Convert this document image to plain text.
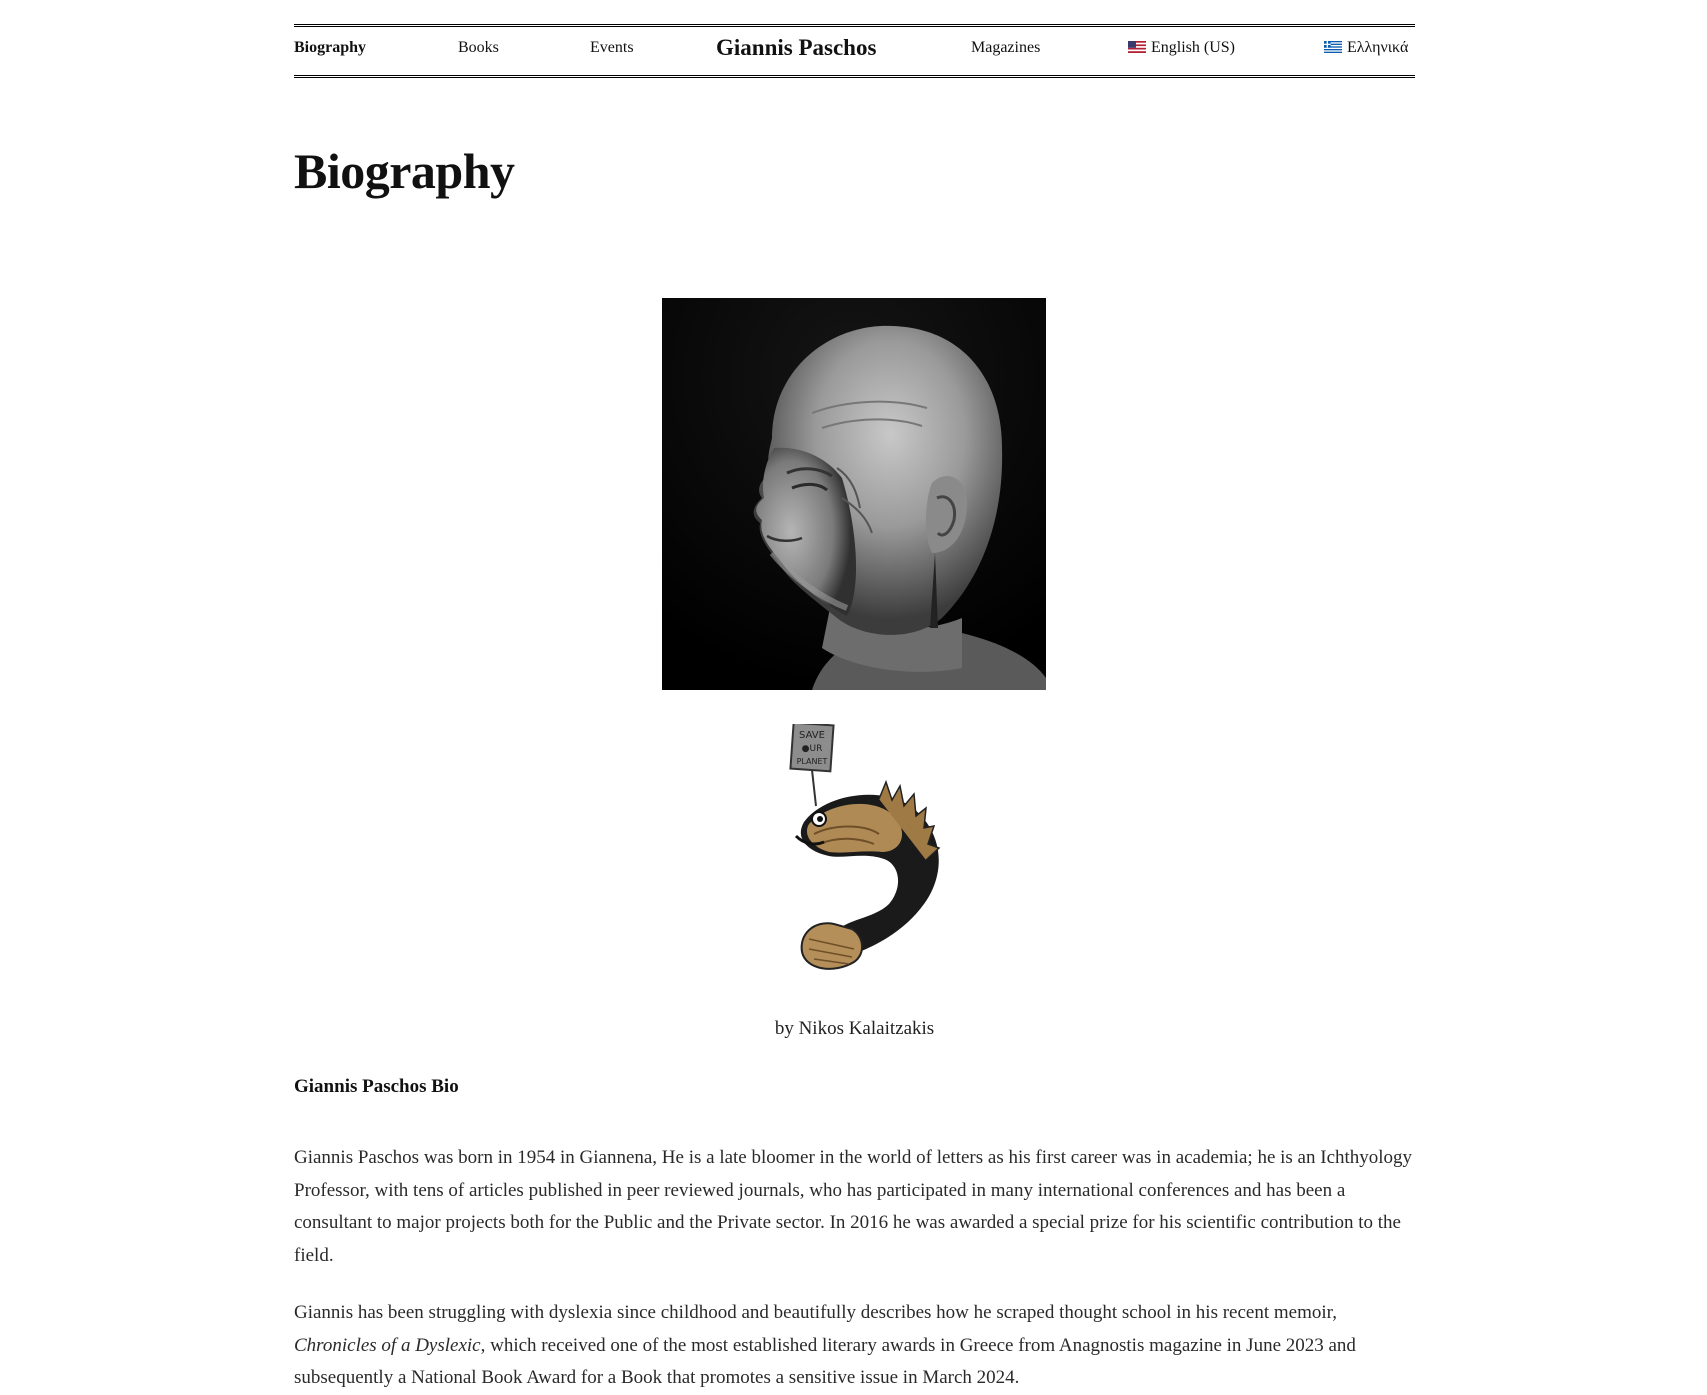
Biography	Books	Events	Giannis Paschos	Magazines	English (US)	Ελληνικά
Biography
SAVE
●UR
PLANET
by Nikos Kalaitzakis
Giannis Paschos Bio

Giannis Paschos was born in 1954 in Giannena, He is a late bloomer in the world of letters as his first career was in academia; he is an Ichthyology Professor, with tens of articles published in peer reviewed journals, who has participated in many international conferences and has been a consultant to major projects both for the Public and the Private sector. In 2016 he was awarded a special prize for his scientific contribution to the field.

Giannis has been struggling with dyslexia since childhood and beautifully describes how he scraped thought school in his recent memoir, Chronicles of a Dyslexic, which received one of the most established literary awards in Greece from Anagnostis magazine in June 2023 and subsequently a National Book Award for a Book that promotes a sensitive issue in March 2024.
